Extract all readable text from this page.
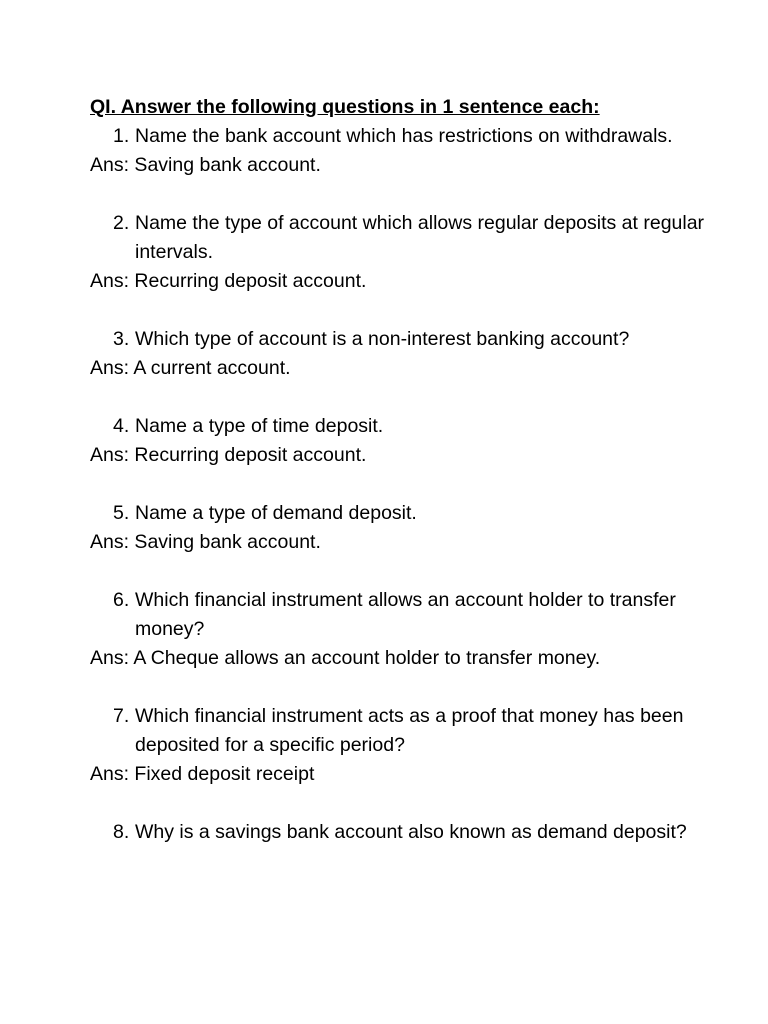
QI. Answer the following questions in 1 sentence each:

1. Name the bank account which has restrictions on withdrawals.

Ans: Saving bank account.

2. Name the type of account which allows regular deposits at regular intervals.

Ans: Recurring deposit account.

3. Which type of account is a non-interest banking account?

Ans: A current account.

4. Name a type of time deposit.

Ans: Recurring deposit account.

5. Name a type of demand deposit.

Ans: Saving bank account.

6. Which financial instrument allows an account holder to transfer money?

Ans: A Cheque allows an account holder to transfer money.

7. Which financial instrument acts as a proof that money has been deposited for a specific period?

Ans: Fixed deposit receipt

8. Why is a savings bank account also known as demand deposit?
